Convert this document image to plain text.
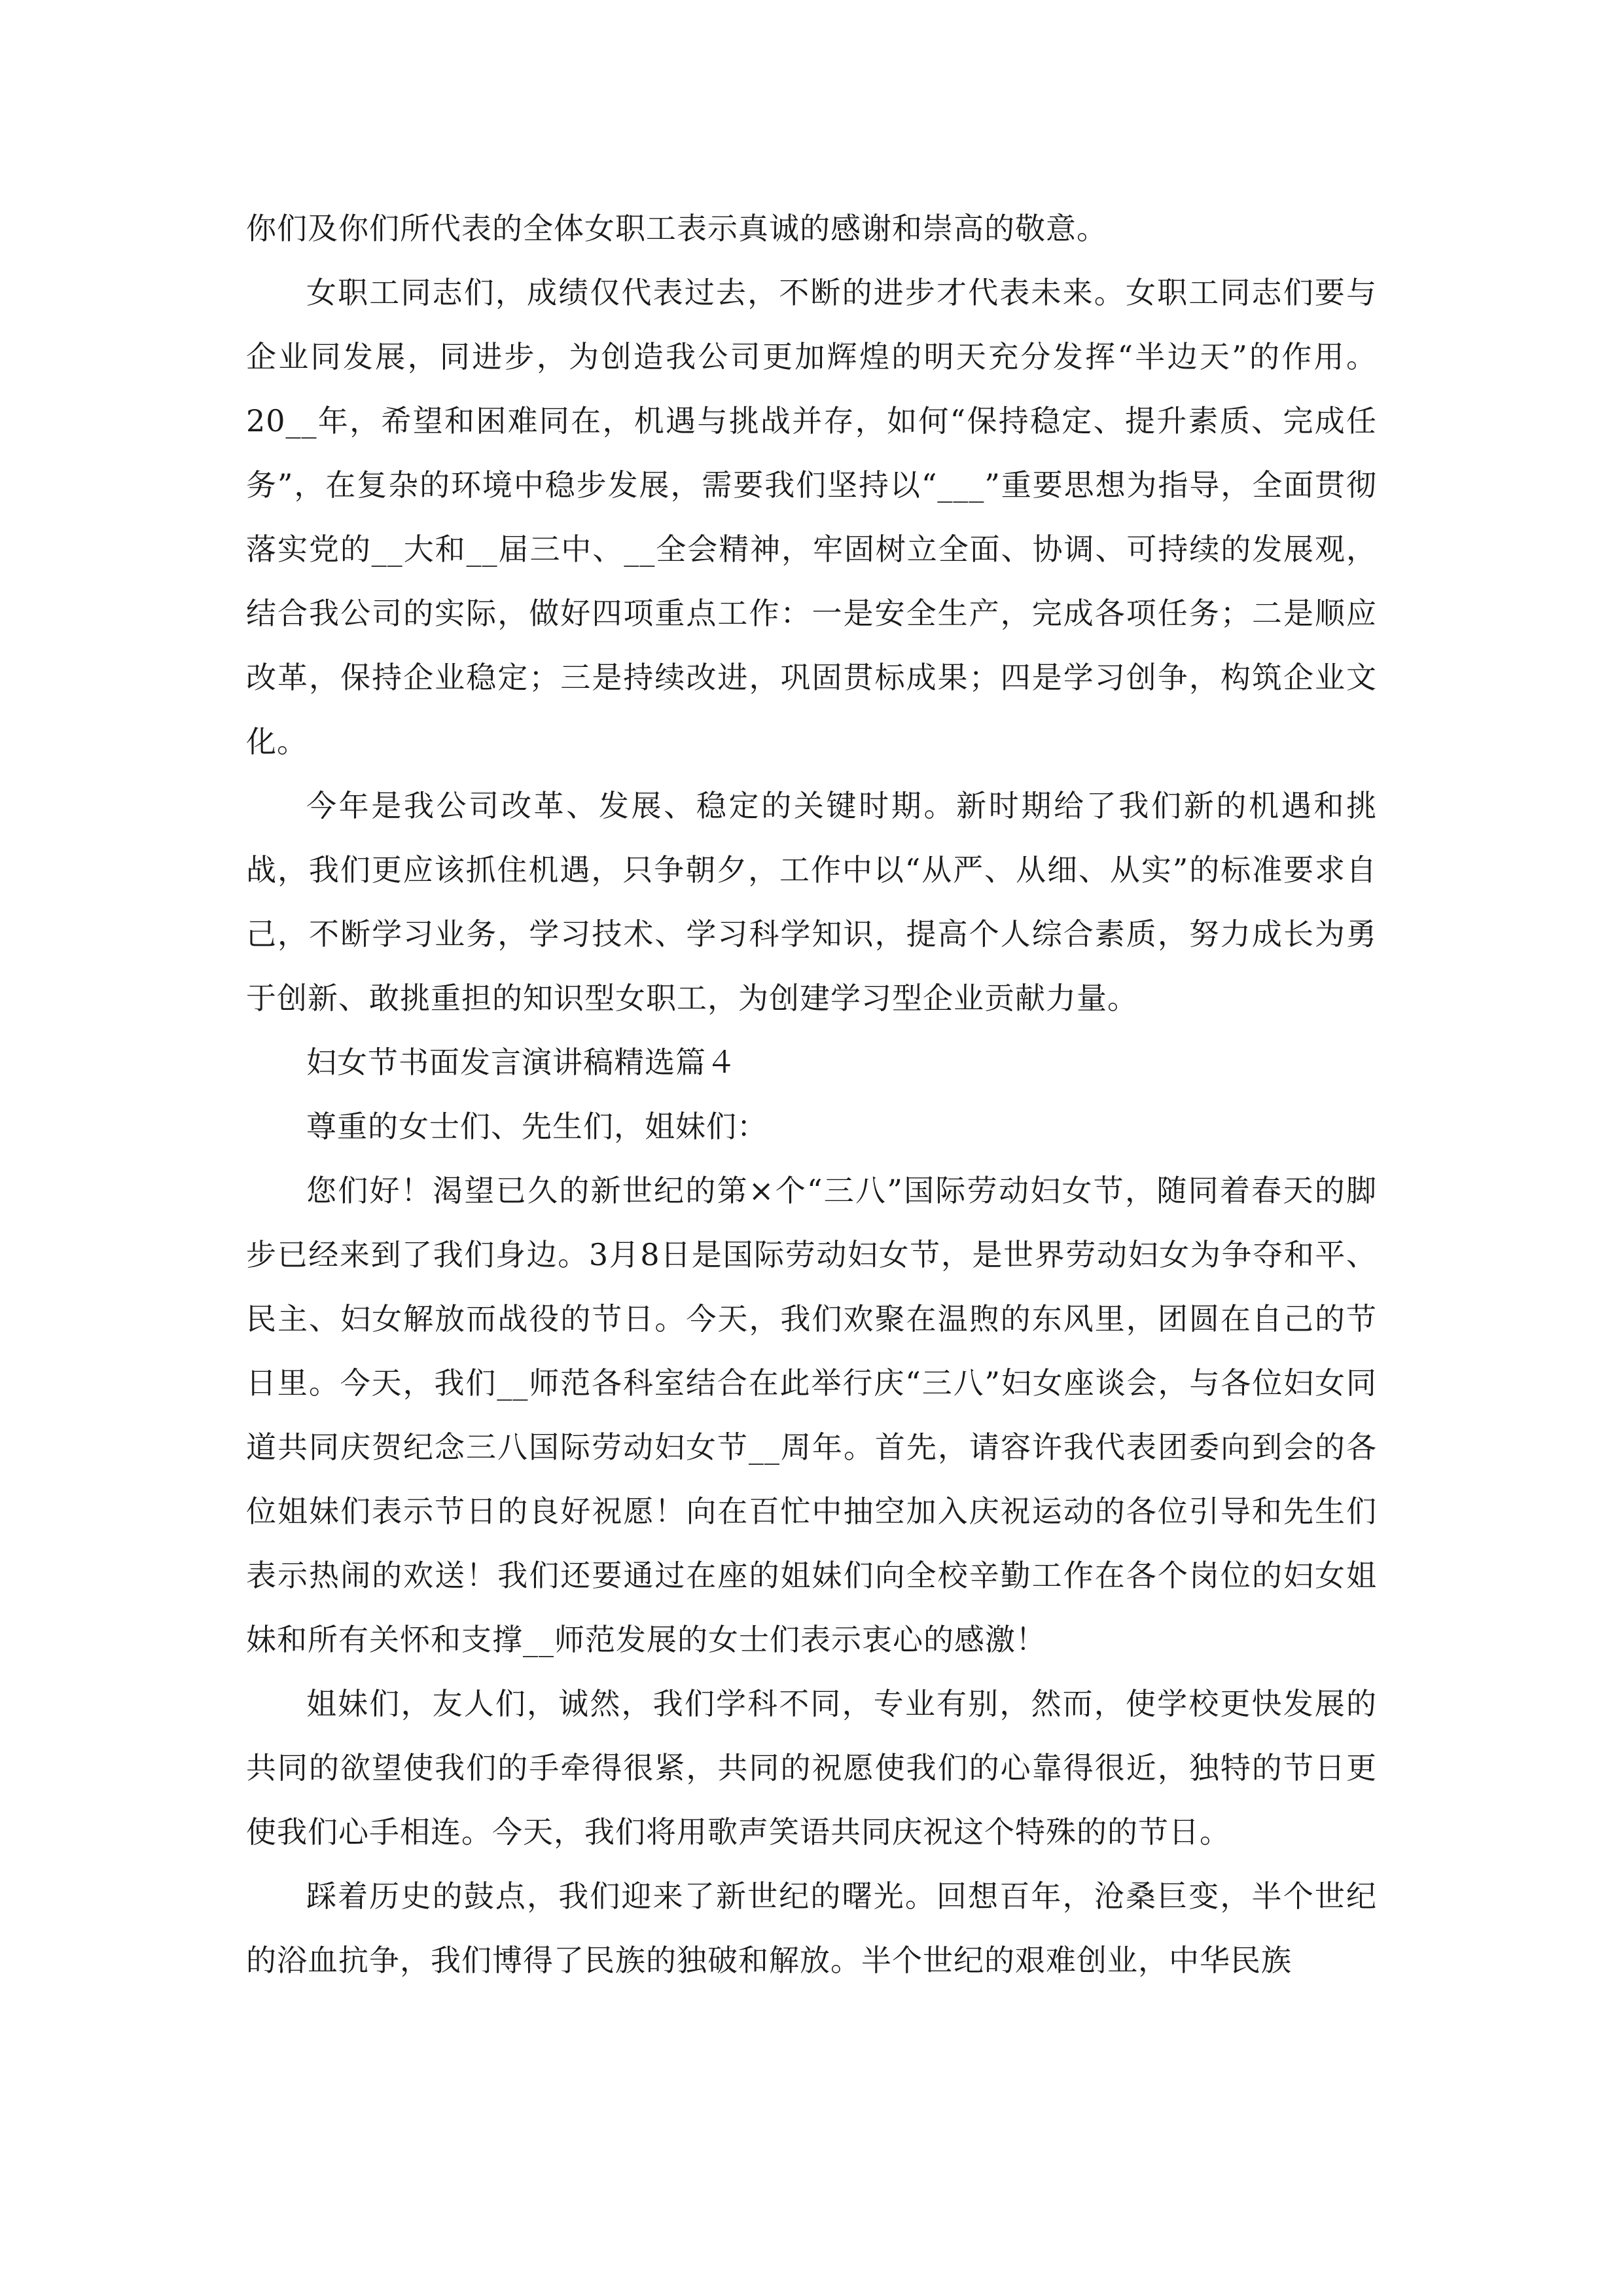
你们及你们所代表的全体女职工表示真诚的感谢和崇高的敬意。

女职工同志们，成绩仅代表过去，不断的进步才代表未来。女职工同志们要与企业同发展，同进步，为创造我公司更加辉煌的明天充分发挥“半边天”的作用。20__年，希望和困难同在，机遇与挑战并存，如何“保持稳定、提升素质、完成任务”，在复杂的环境中稳步发展，需要我们坚持以“___”重要思想为指导，全面贯彻落实党的__大和__届三中、__全会精神，牢固树立全面、协调、可持续的发展观，结合我公司的实际，做好四项重点工作：一是安全生产，完成各项任务；二是顺应改革，保持企业稳定；三是持续改进，巩固贯标成果；四是学习创争，构筑企业文化。

今年是我公司改革、发展、稳定的关键时期。新时期给了我们新的机遇和挑战，我们更应该抓住机遇，只争朝夕，工作中以“从严、从细、从实”的标准要求自己，不断学习业务，学习技术、学习科学知识，提高个人综合素质，努力成长为勇于创新、敢挑重担的知识型女职工，为创建学习型企业贡献力量。

妇女节书面发言演讲稿精选篇４

尊重的女士们、先生们，姐妹们：

您们好！渴望已久的新世纪的第×个“三八”国际劳动妇女节，随同着春天的脚步已经来到了我们身边。3月8日是国际劳动妇女节，是世界劳动妇女为争夺和平、民主、妇女解放而战役的节日。今天，我们欢聚在温煦的东风里，团圆在自己的节日里。今天，我们__师范各科室结合在此举行庆“三八”妇女座谈会，与各位妇女同道共同庆贺纪念三八国际劳动妇女节__周年。首先，请容许我代表团委向到会的各位姐妹们表示节日的良好祝愿！向在百忙中抽空加入庆祝运动的各位引导和先生们表示热闹的欢送！我们还要通过在座的姐妹们向全校辛勤工作在各个岗位的妇女姐妹和所有关怀和支撑__师范发展的女士们表示衷心的感激！

姐妹们，友人们，诚然，我们学科不同，专业有别，然而，使学校更快发展的共同的欲望使我们的手牵得很紧，共同的祝愿使我们的心靠得很近，独特的节日更使我们心手相连。今天，我们将用歌声笑语共同庆祝这个特殊的的节日。

踩着历史的鼓点，我们迎来了新世纪的曙光。回想百年，沧桑巨变，半个世纪的浴血抗争，我们博得了民族的独破和解放。半个世纪的艰难创业，中华民族
